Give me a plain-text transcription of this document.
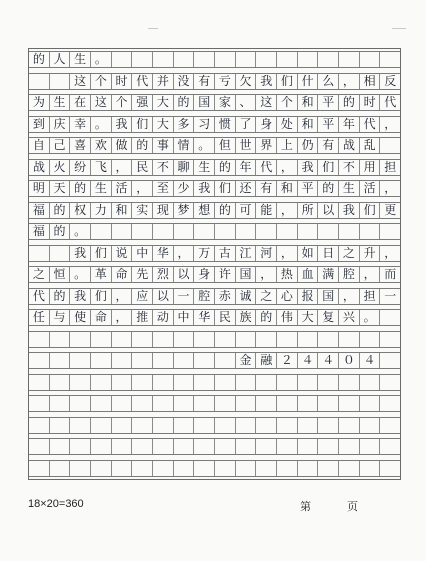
的 人 生 。
这 个 时 代 并 没 有 亏 欠 我 们 什 么 ， 相 反
为 生 在 这 个 强 大 的 国 家 、 这 个 和 平 的 时 代
到 庆 幸 。 我 们 大 多 习 惯 了 身 处 和 平 年 代 ，
自 己 喜 欢 做 的 事 情 。 但 世 界 上 仍 有 战 乱
战 火 纷 飞 ， 民 不 聊 生 的 年 代 ， 我 们 不 用 担
明 天 的 生 活 ， 至 少 我 们 还 有 和 平 的 生 活 ，
福 的 权 力 和 实 现 梦 想 的 可 能 ， 所 以 我 们 更
福 的 。
我 们 说 中 华 ， 万 古 江 河 ， 如 日 之 升 ，
之 恒 。 革 命 先 烈 以 身 许 国 ， 热 血 满 腔 ， 而
代 的 我 们 ， 应 以 一 腔 赤 诚 之 心 报 国 ， 担 一
任 与 使 命 ， 推 动 中 华 民 族 的 伟 大 复 兴 。
金 融 ２ ４ ４ ０ ４
18×20=360	第	页
